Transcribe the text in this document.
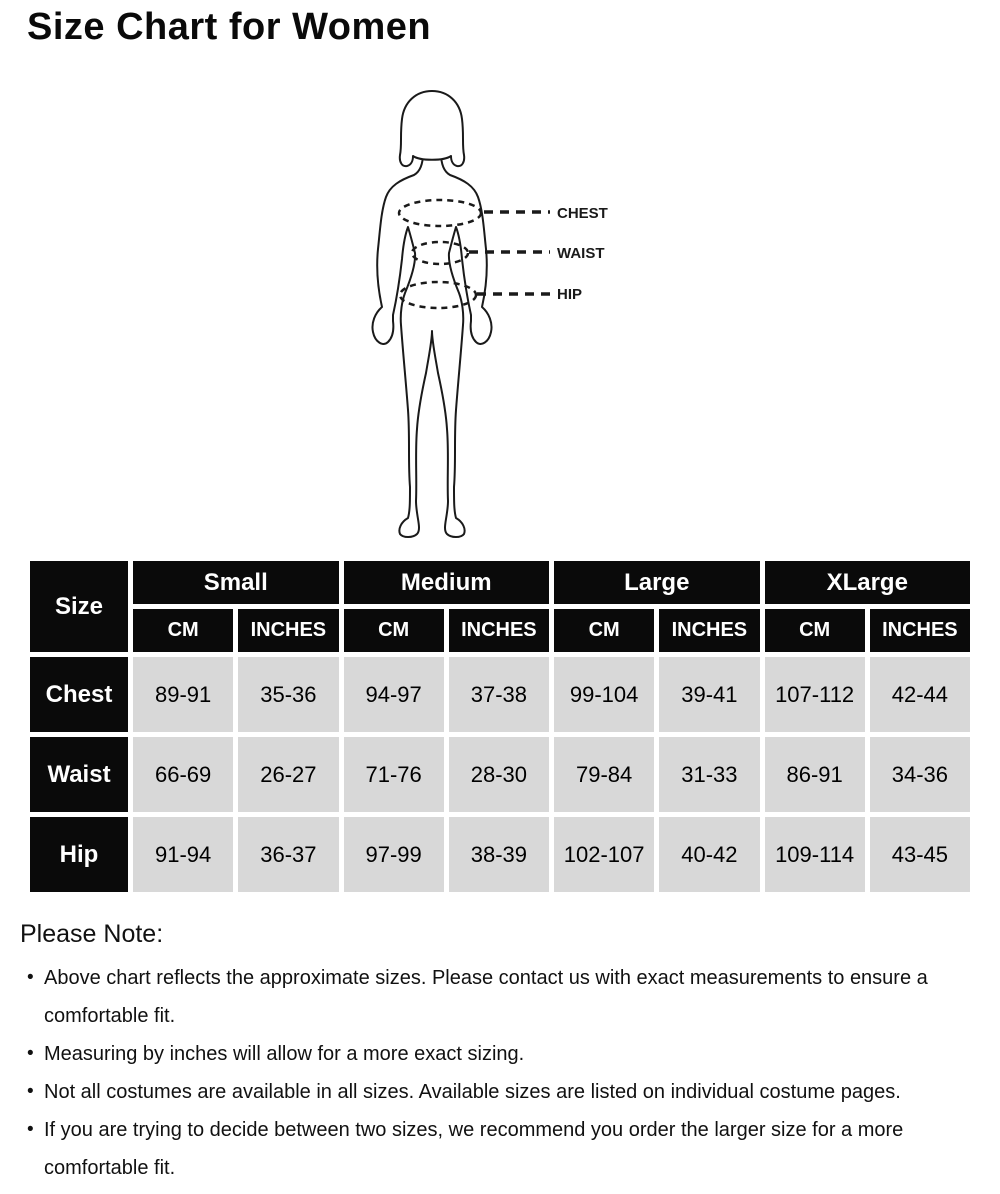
Size Chart for Women
CHEST
WAIST
HIP
Size	Small		Medium		Large		XLarge	
	CM	INCHES	CM	INCHES	CM	INCHES	CM	INCHES
Chest	89-91	35-36	94-97	37-38	99-104	39-41	107-112	42-44
Waist	66-69	26-27	71-76	28-30	79-84	31-33	86-91	34-36
Hip	91-94	36-37	97-99	38-39	102-107	40-42	109-114	43-45

Please Note:

• Above chart reflects the approximate sizes. Please contact us with exact measurements to ensure a comfortable fit.
• Measuring by inches will allow for a more exact sizing.
• Not all costumes are available in all sizes. Available sizes are listed on individual costume pages.
• If you are trying to decide between two sizes, we recommend you order the larger size for a more comfortable fit.
